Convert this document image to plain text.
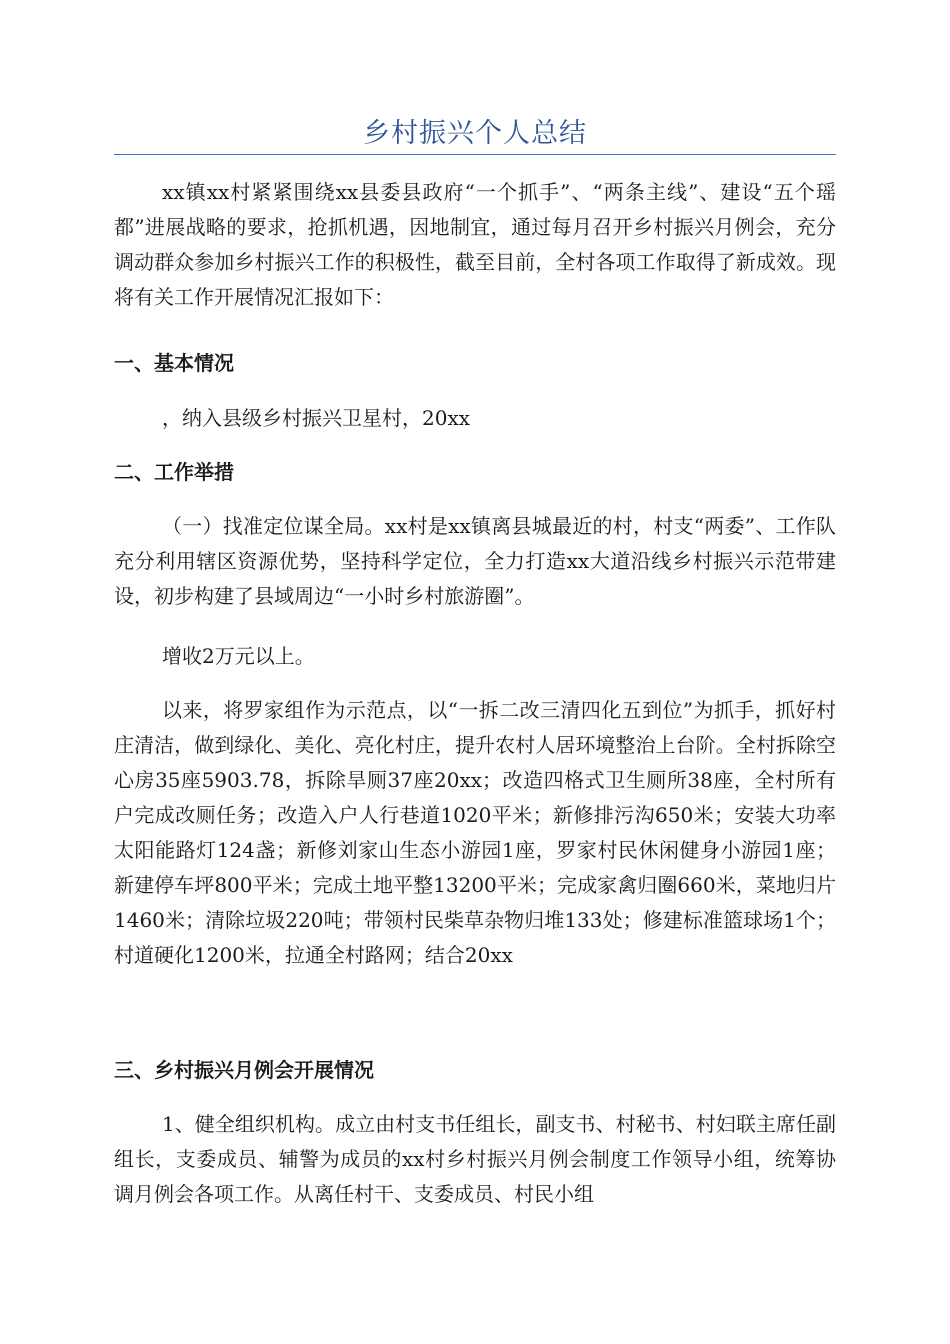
乡村振兴个人总结

xx镇xx村紧紧围绕xx县委县政府“一个抓手”、“两条主线”、建设“五个瑶都”进展战略的要求，抢抓机遇，因地制宜，通过每月召开乡村振兴月例会，充分调动群众参加乡村振兴工作的积极性，截至目前，全村各项工作取得了新成效。现将有关工作开展情况汇报如下：

一、基本情况

，纳入县级乡村振兴卫星村，20xx

二、工作举措

（一）找准定位谋全局。xx村是xx镇离县城最近的村，村支“两委”、工作队充分利用辖区资源优势，坚持科学定位，全力打造xx大道沿线乡村振兴示范带建设，初步构建了县域周边“一小时乡村旅游圈”。

增收2万元以上。

以来，将罗家组作为示范点，以“一拆二改三清四化五到位”为抓手，抓好村庄清洁，做到绿化、美化、亮化村庄，提升农村人居环境整治上台阶。全村拆除空心房35座5903.78，拆除旱厕37座20xx；改造四格式卫生厕所38座，全村所有户完成改厕任务；改造入户人行巷道1020平米；新修排污沟650米；安装大功率太阳能路灯124盏；新修刘家山生态小游园1座，罗家村民休闲健身小游园1座；新建停车坪800平米；完成土地平整13200平米；完成家禽归圈660米，菜地归片1460米；清除垃圾220吨；带领村民柴草杂物归堆133处；修建标准篮球场1个；村道硬化1200米，拉通全村路网；结合20xx

三、乡村振兴月例会开展情况

1、健全组织机构。成立由村支书任组长，副支书、村秘书、村妇联主席任副组长，支委成员、辅警为成员的xx村乡村振兴月例会制度工作领导小组，统筹协调月例会各项工作。从离任村干、支委成员、村民小组
